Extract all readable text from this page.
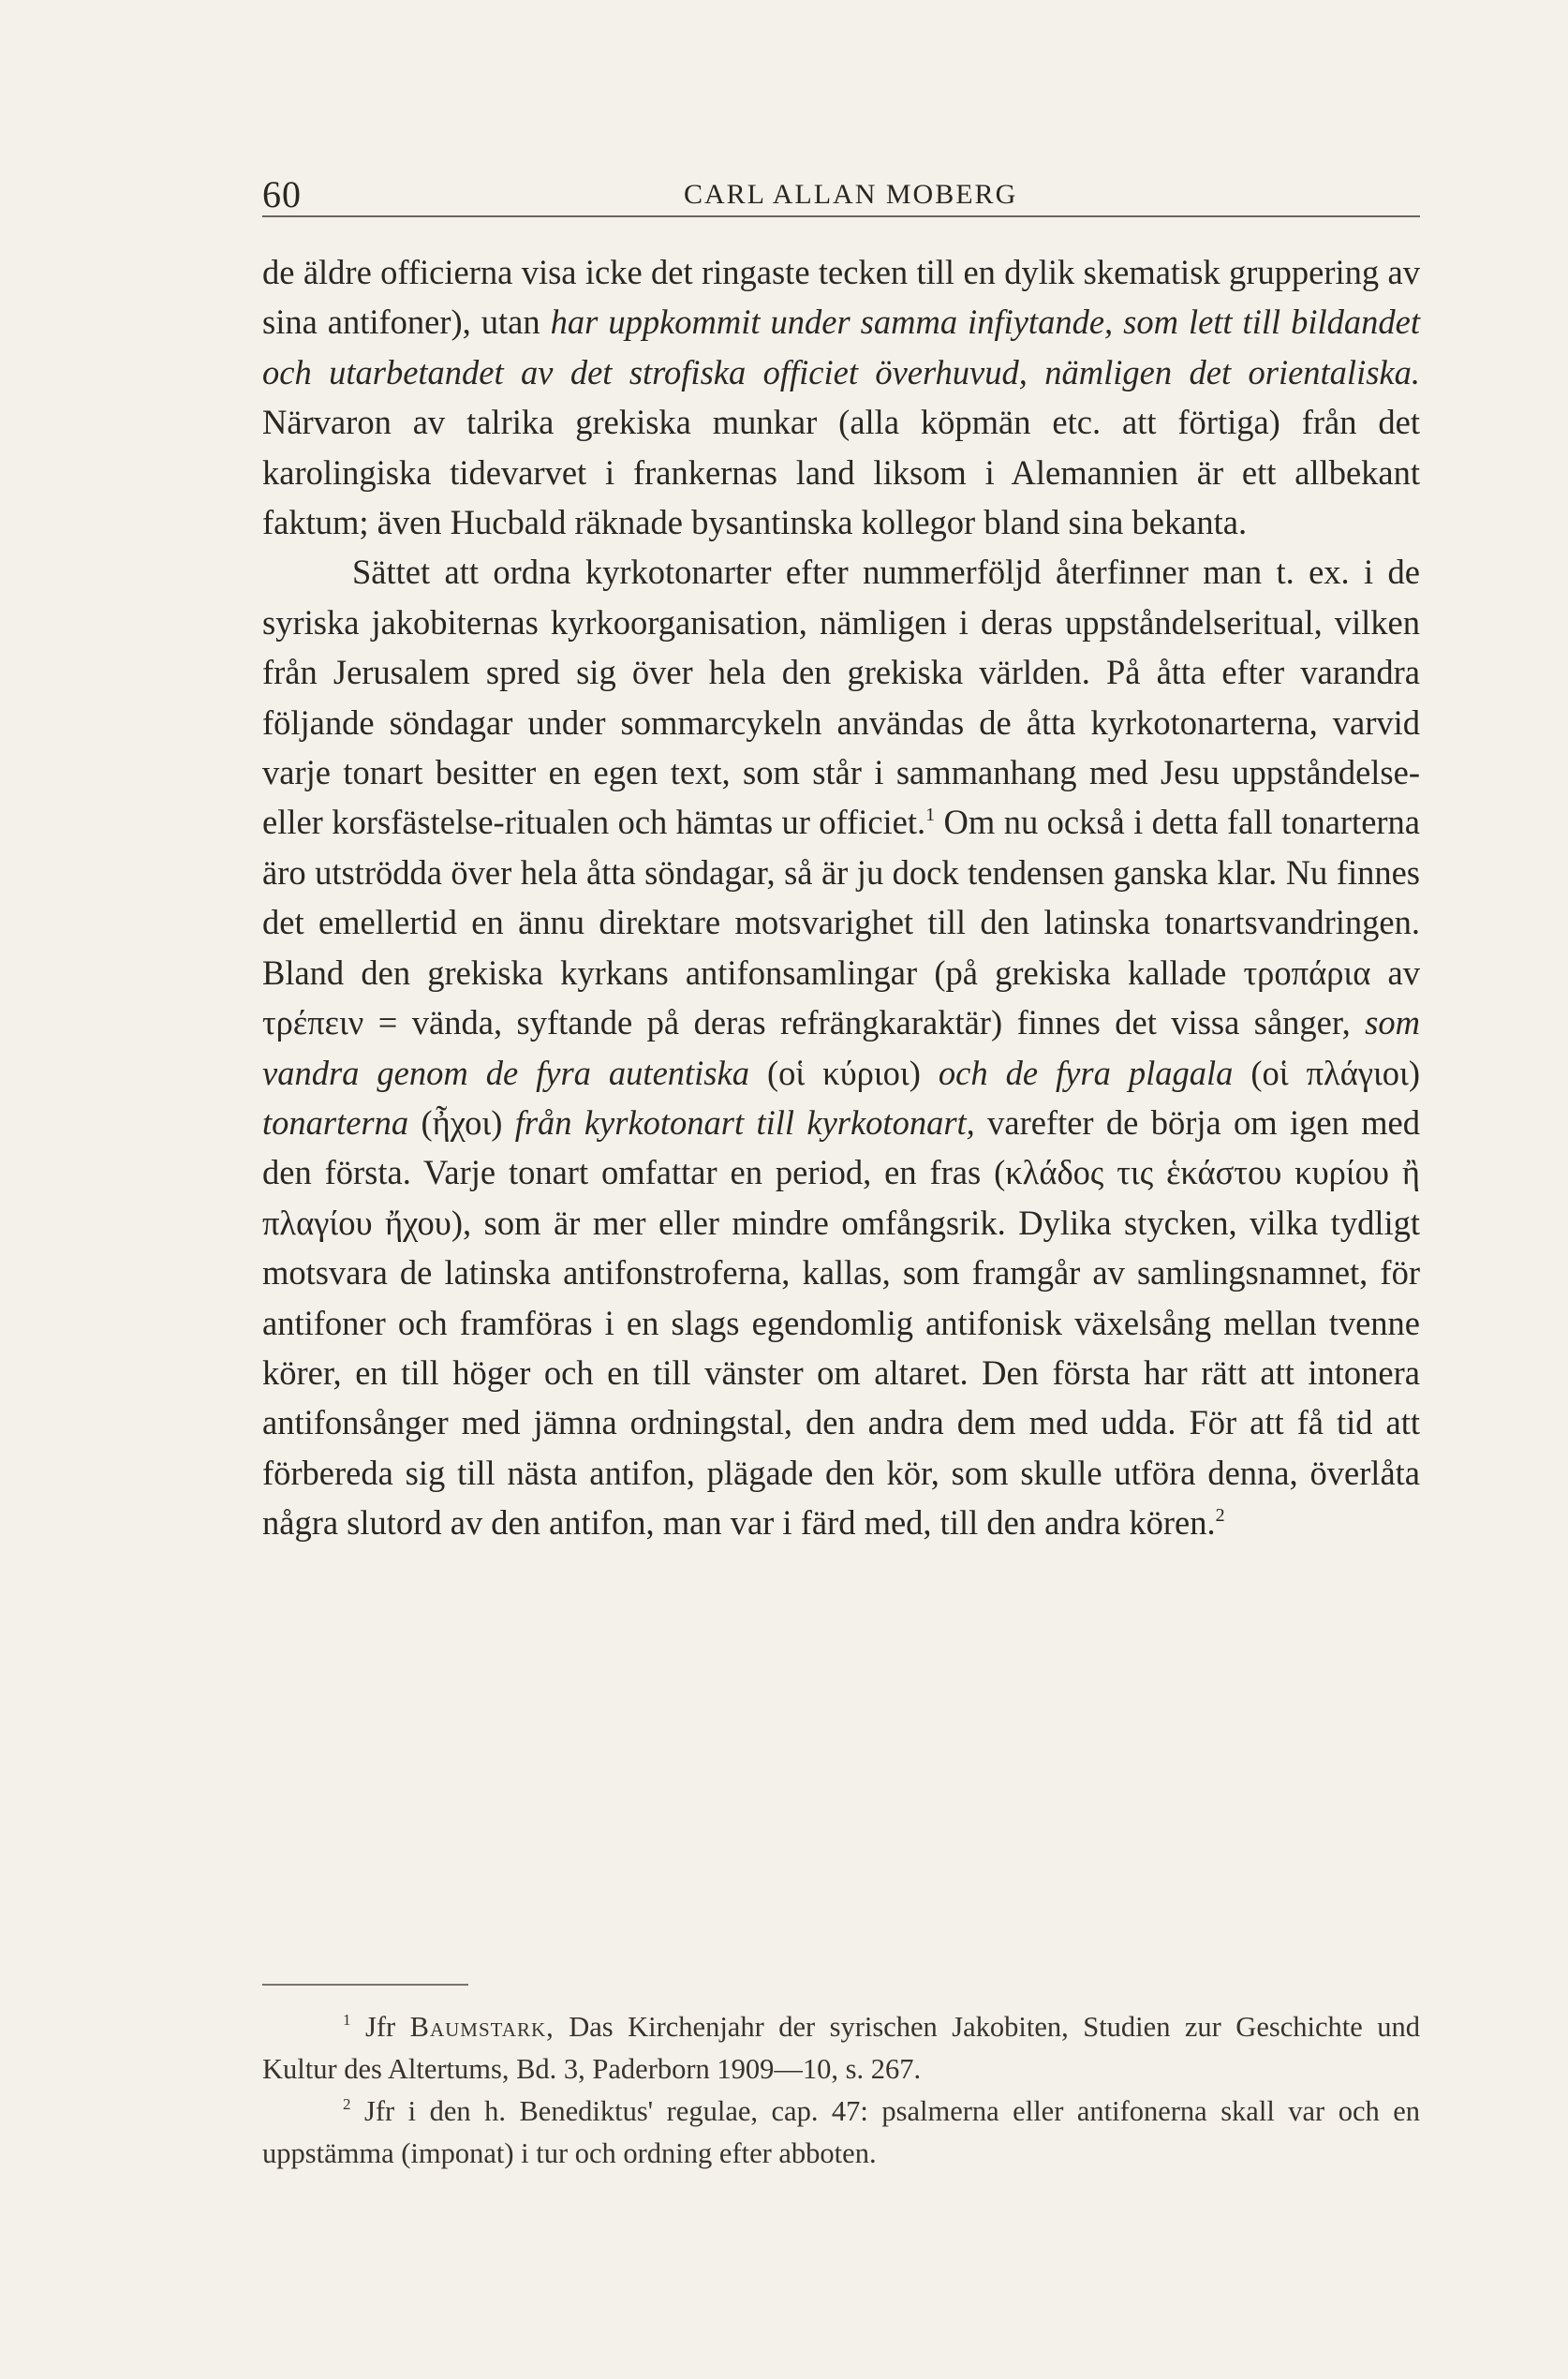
60	CARL ALLAN MOBERG

de äldre officierna visa icke det ringaste tecken till en dylik skematisk gruppering av sina antifoner), utan har uppkommit under samma infiytande, som lett till bildandet och utarbetandet av det strofiska officiet överhuvud, nämligen det orientaliska. Närvaron av talrika grekiska munkar (alla köpmän etc. att förtiga) från det karolingiska tidevarvet i frankernas land liksom i Alemannien är ett allbekant faktum; även Hucbald räknade bysantinska kollegor bland sina bekanta.

Sättet att ordna kyrkotonarter efter nummerföljd återfinner man t. ex. i de syriska jakobiternas kyrkoorganisation, nämligen i deras uppståndelseritual, vilken från Jerusalem spred sig över hela den grekiska världen. På åtta efter varandra följande söndagar under sommarcykeln användas de åtta kyrkotonarterna, varvid varje tonart besitter en egen text, som står i sammanhang med Jesu uppståndelse- eller korsfästelse-ritualen och hämtas ur officiet.$^1$ Om nu också i detta fall tonarterna äro utströdda över hela åtta söndagar, så är ju dock tendensen ganska klar. Nu finnes det emellertid en ännu direktare motsvarighet till den latinska tonartsvandringen. Bland den grekiska kyrkans antifonsamlingar (på grekiska kallade τροπάρια av τρέπειν = vända, syftande på deras refrängkaraktär) finnes det vissa sånger, som vandra genom de fyra autentiska (οἱ κύριοι) och de fyra plagala (οἱ πλάγιοι) tonarterna (ἦχοι) från kyrkotonart till kyrkotonart, varefter de börja om igen med den första. Varje tonart omfattar en period, en fras (κλάδος τις ἑκάστου κυρίου ἢ πλαγίου ἤχου), som är mer eller mindre omfångsrik. Dylika stycken, vilka tydligt motsvara de latinska antifonstroferna, kallas, som framgår av samlingsnamnet, för antifoner och framföras i en slags egendomlig antifonisk växelsång mellan tvenne körer, en till höger och en till vänster om altaret. Den första har rätt att intonera antifonsånger med jämna ordningstal, den andra dem med udda. För att få tid att förbereda sig till nästa antifon, plägade den kör, som skulle utföra denna, överlåta några slutord av den antifon, man var i färd med, till den andra kören.$^2$

$^1$ Jfr Baumstark, Das Kirchenjahr der syrischen Jakobiten, Studien zur Geschichte und Kultur des Altertums, Bd. 3, Paderborn 1909—10, s. 267.

$^2$ Jfr i den h. Benediktus' regulae, cap. 47: psalmerna eller antifonerna skall var och en uppstämma (imponat) i tur och ordning efter abboten.
